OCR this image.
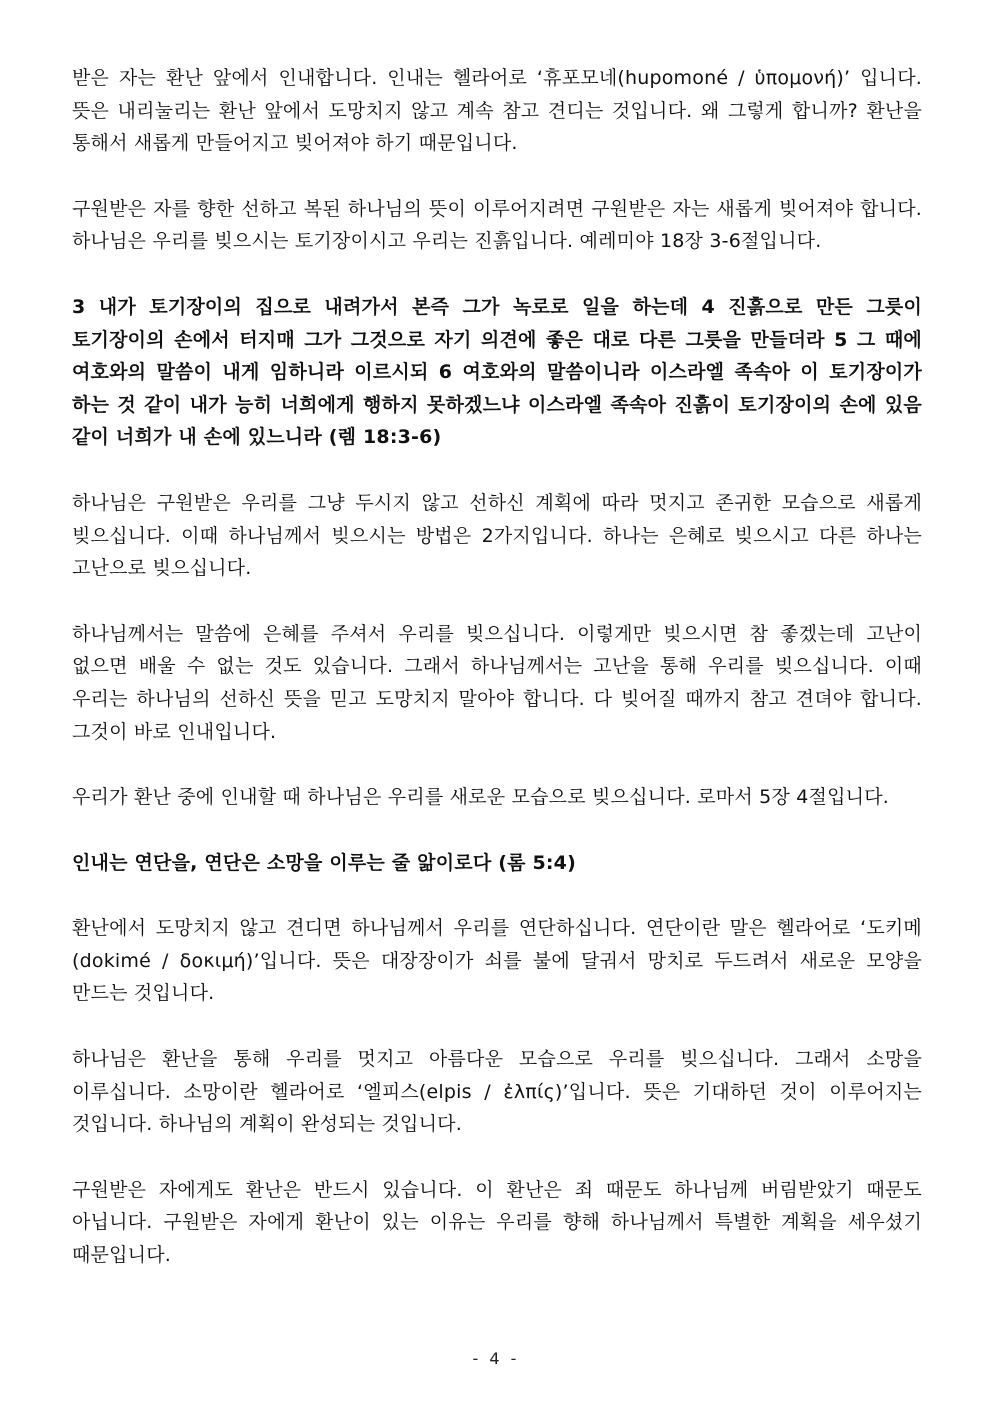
받은 자는 환난 앞에서 인내합니다. 인내는 헬라어로 ‘휴포모네(hupomoné / ὑπομονή)’ 입니다. 뜻은 내리눌리는 환난 앞에서 도망치지 않고 계속 참고 견디는 것입니다. 왜 그렇게 합니까? 환난을 통해서 새롭게 만들어지고 빚어져야 하기 때문입니다.

구원받은 자를 향한 선하고 복된 하나님의 뜻이 이루어지려면 구원받은 자는 새롭게 빚어져야 합니다. 하나님은 우리를 빚으시는 토기장이시고 우리는 진흙입니다. 예레미야 18장 3-6절입니다.

3 내가 토기장이의 집으로 내려가서 본즉 그가 녹로로 일을 하는데 4 진흙으로 만든 그릇이 토기장이의 손에서 터지매 그가 그것으로 자기 의견에 좋은 대로 다른 그릇을 만들더라 5 그 때에 여호와의 말씀이 내게 임하니라 이르시되 6 여호와의 말씀이니라 이스라엘 족속아 이 토기장이가 하는 것 같이 내가 능히 너희에게 행하지 못하겠느냐 이스라엘 족속아 진흙이 토기장이의 손에 있음 같이 너희가 내 손에 있느니라 (렘 18:3-6)

하나님은 구원받은 우리를 그냥 두시지 않고 선하신 계획에 따라 멋지고 존귀한 모습으로 새롭게 빚으십니다. 이때 하나님께서 빚으시는 방법은 2가지입니다. 하나는 은혜로 빚으시고 다른 하나는 고난으로 빚으십니다.

하나님께서는 말씀에 은혜를 주셔서 우리를 빚으십니다. 이렇게만 빚으시면 참 좋겠는데 고난이 없으면 배울 수 없는 것도 있습니다. 그래서 하나님께서는 고난을 통해 우리를 빚으십니다. 이때 우리는 하나님의 선하신 뜻을 믿고 도망치지 말아야 합니다. 다 빚어질 때까지 참고 견뎌야 합니다. 그것이 바로 인내입니다.

우리가 환난 중에 인내할 때 하나님은 우리를 새로운 모습으로 빚으십니다. 로마서 5장 4절입니다.

인내는 연단을, 연단은 소망을 이루는 줄 앎이로다 (롬 5:4)

환난에서 도망치지 않고 견디면 하나님께서 우리를 연단하십니다. 연단이란 말은 헬라어로 ‘도키메(dokimé / δοκιμή)’입니다. 뜻은 대장장이가 쇠를 불에 달궈서 망치로 두드려서 새로운 모양을 만드는 것입니다.

하나님은 환난을 통해 우리를 멋지고 아름다운 모습으로 우리를 빚으십니다. 그래서 소망을 이루십니다. 소망이란 헬라어로 ‘엘피스(elpis / ἐλπίς)’입니다. 뜻은 기대하던 것이 이루어지는 것입니다. 하나님의 계획이 완성되는 것입니다.

구원받은 자에게도 환난은 반드시 있습니다. 이 환난은 죄 때문도 하나님께 버림받았기 때문도 아닙니다. 구원받은 자에게 환난이 있는 이유는 우리를 향해 하나님께서 특별한 계획을 세우셨기 때문입니다.

- 4 -
